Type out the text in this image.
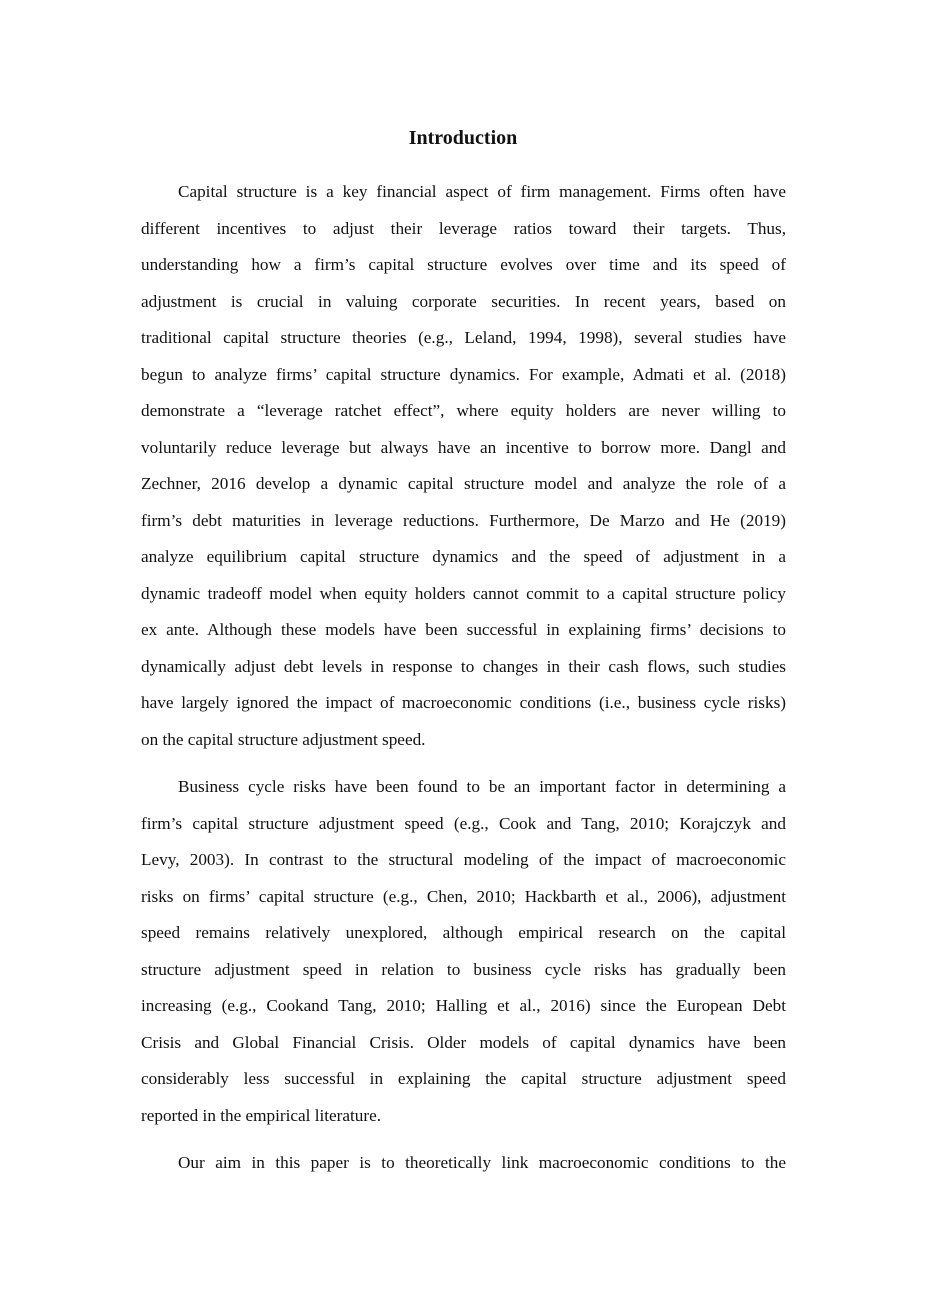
Introduction
Capital structure is a key financial aspect of firm management. Firms often have
different incentives to adjust their leverage ratios toward their targets. Thus,
understanding how a firm’s capital structure evolves over time and its speed of
adjustment is crucial in valuing corporate securities. In recent years, based on
traditional capital structure theories (e.g., Leland, 1994, 1998), several studies have
begun to analyze firms’ capital structure dynamics. For example, Admati et al. (2018)
demonstrate a “leverage ratchet effect”, where equity holders are never willing to
voluntarily reduce leverage but always have an incentive to borrow more. Dangl and
Zechner, 2016 develop a dynamic capital structure model and analyze the role of a
firm’s debt maturities in leverage reductions. Furthermore, De Marzo and He (2019)
analyze equilibrium capital structure dynamics and the speed of adjustment in a
dynamic tradeoff model when equity holders cannot commit to a capital structure policy
ex ante. Although these models have been successful in explaining firms’ decisions to
dynamically adjust debt levels in response to changes in their cash flows, such studies
have largely ignored the impact of macroeconomic conditions (i.e., business cycle risks)
on the capital structure adjustment speed.
Business cycle risks have been found to be an important factor in determining a
firm’s capital structure adjustment speed (e.g., Cook and Tang, 2010; Korajczyk and
Levy, 2003). In contrast to the structural modeling of the impact of macroeconomic
risks on firms’ capital structure (e.g., Chen, 2010; Hackbarth et al., 2006), adjustment
speed remains relatively unexplored, although empirical research on the capital
structure adjustment speed in relation to business cycle risks has gradually been
increasing (e.g., Cookand Tang, 2010; Halling et al., 2016) since the European Debt
Crisis and Global Financial Crisis. Older models of capital dynamics have been
considerably less successful in explaining the capital structure adjustment speed
reported in the empirical literature.
Our aim in this paper is to theoretically link macroeconomic conditions to the
